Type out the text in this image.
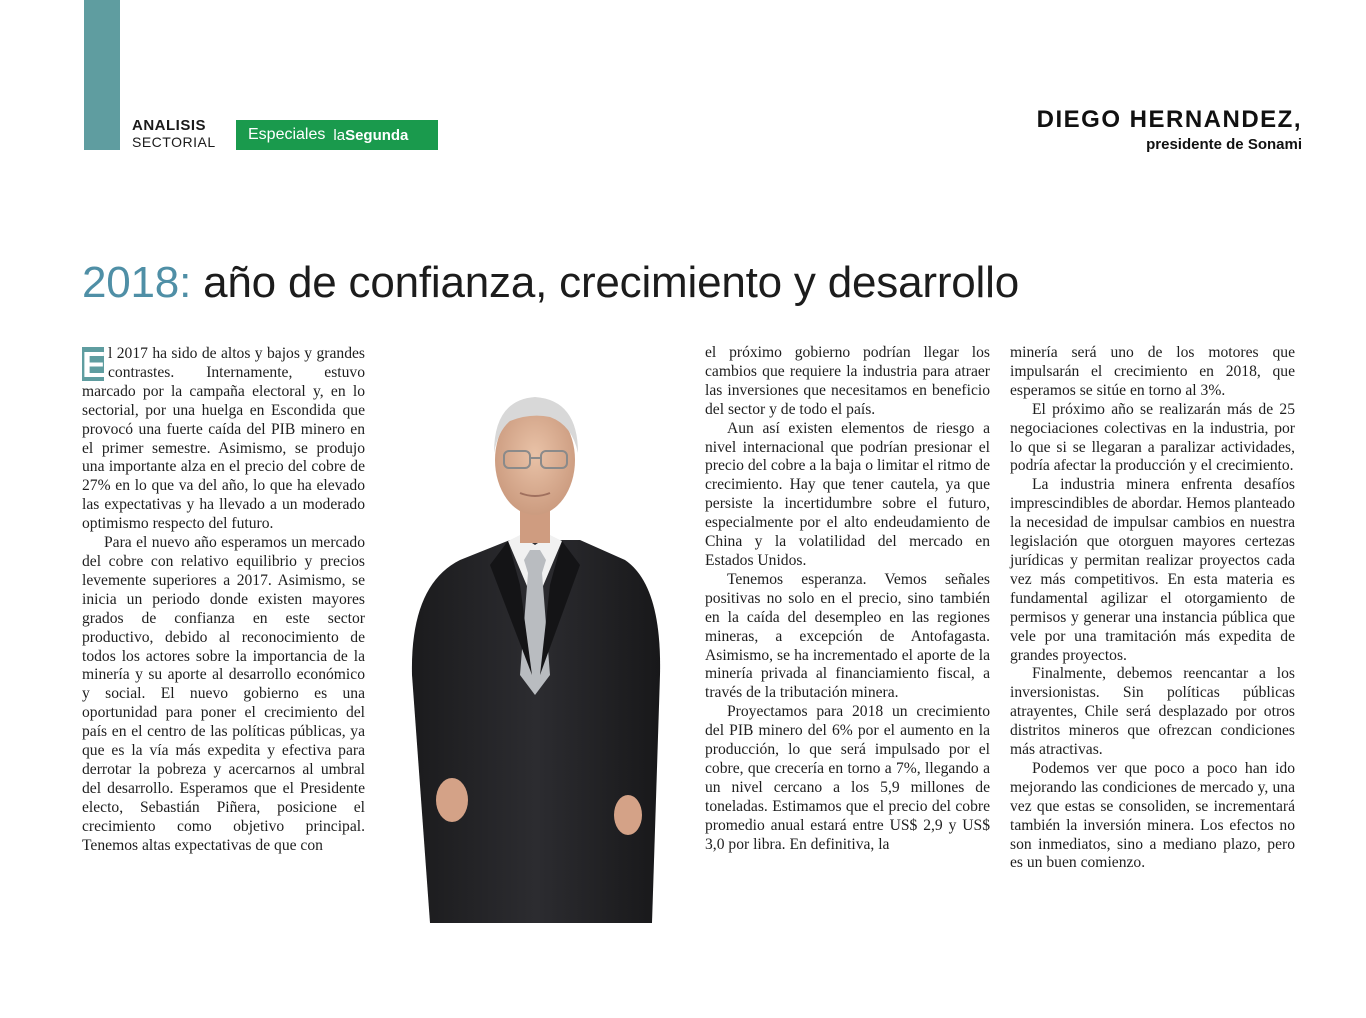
ANALISIS
SECTORIAL Especiales la Segunda
DIEGO HERNANDEZ,
presidente de Sonami
2018: año de confianza, crecimiento y desarrollo

E l 2017 ha sido de altos y bajos y grandes contrastes. Internamente, estuvo marcado por la campaña electoral y, en lo sectorial, por una huelga en Escondida que provocó una fuerte caída del PIB minero en el primer semestre. Asimismo, se produjo una importante alza en el precio del cobre de 27% en lo que va del año, lo que ha elevado las expectativas y ha llevado a un moderado optimismo respecto del futuro.

Para el nuevo año esperamos un mercado del cobre con relativo equilibrio y precios levemente superiores a 2017. Asimismo, se inicia un periodo donde existen mayores grados de confianza en este sector productivo, debido al reconocimiento de todos los actores sobre la importancia de la minería y su aporte al desarrollo económico y social. El nuevo gobierno es una oportunidad para poner el crecimiento del país en el centro de las políticas públicas, ya que es la vía más expedita y efectiva para derrotar la pobreza y acercarnos al umbral del desarrollo. Esperamos que el Presidente electo, Sebastián Piñera, posicione el crecimiento como objetivo principal. Tenemos altas expectativas de que con

el próximo gobierno podrían llegar los cambios que requiere la industria para atraer las inversiones que necesitamos en beneficio del sector y de todo el país.

Aun así existen elementos de riesgo a nivel internacional que podrían presionar el precio del cobre a la baja o limitar el ritmo de crecimiento. Hay que tener cautela, ya que persiste la incertidumbre sobre el futuro, especialmente por el alto endeudamiento de China y la volatilidad del mercado en Estados Unidos.

Tenemos esperanza. Vemos señales positivas no solo en el precio, sino también en la caída del desempleo en las regiones mineras, a excepción de Antofagasta. Asimismo, se ha incrementado el aporte de la minería privada al financiamiento fiscal, a través de la tributación minera.

Proyectamos para 2018 un crecimiento del PIB minero del 6% por el aumento en la producción, lo que será impulsado por el cobre, que crecería en torno a 7%, llegando a un nivel cercano a los 5,9 millones de toneladas. Estimamos que el precio del cobre promedio anual estará entre US$ 2,9 y US$ 3,0 por libra. En definitiva, la

minería será uno de los motores que impulsarán el crecimiento en 2018, que esperamos se sitúe en torno al 3%.

El próximo año se realizarán más de 25 negociaciones colectivas en la industria, por lo que si se llegaran a paralizar actividades, podría afectar la producción y el crecimiento.

La industria minera enfrenta desafíos imprescindibles de abordar. Hemos planteado la necesidad de impulsar cambios en nuestra legislación que otorguen mayores certezas jurídicas y permitan realizar proyectos cada vez más competitivos. En esta materia es fundamental agilizar el otorgamiento de permisos y generar una instancia pública que vele por una tramitación más expedita de grandes proyectos.

Finalmente, debemos reencantar a los inversionistas. Sin políticas públicas atrayentes, Chile será desplazado por otros distritos mineros que ofrezcan condiciones más atractivas.

Podemos ver que poco a poco han ido mejorando las condiciones de mercado y, una vez que estas se consoliden, se incrementará también la inversión minera. Los efectos no son inmediatos, sino a mediano plazo, pero es un buen comienzo.
